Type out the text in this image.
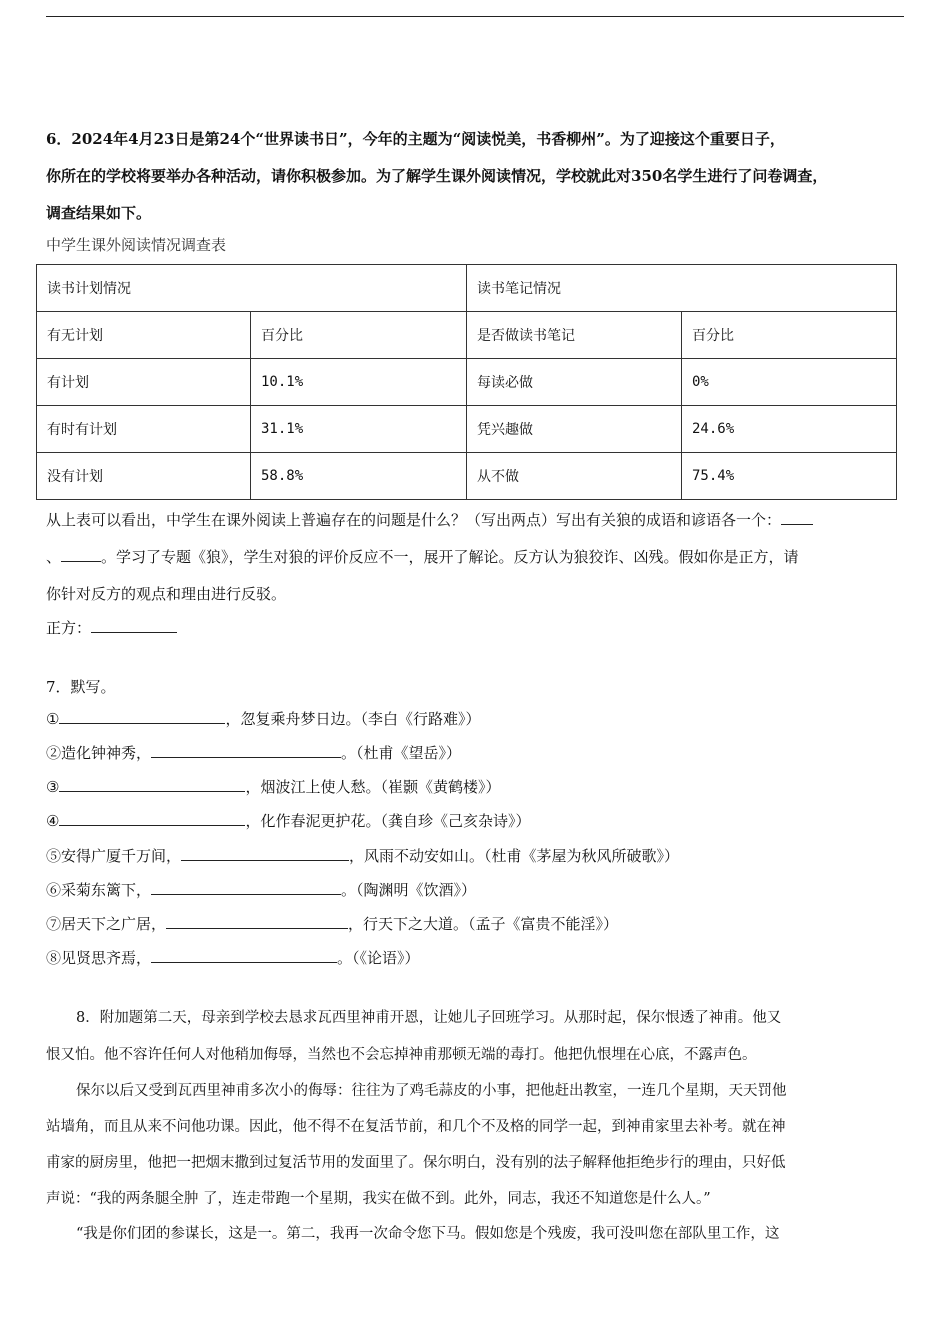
6．2024年4月23日是第24个“世界读书日”，今年的主题为“阅读悦美，书香柳州”。为了迎接这个重要日子，
你所在的学校将要举办各种活动，请你积极参加。为了解学生课外阅读情况，学校就此对350名学生进行了问卷调查，
调查结果如下。
中学生课外阅读情况调查表
读书计划情况		读书笔记情况	
有无计划	百分比	是否做读书笔记	百分比
有计划	10.1%	每读必做	0%
有时有计划	31.1%	凭兴趣做	24.6%
没有计划	58.8%	从不做	75.4%
从上表可以看出，中学生在课外阅读上普遍存在的问题是什么？（写出两点）写出有关狼的成语和谚语各一个：
、	。学习了专题《狼》，学生对狼的评价反应不一，展开了解论。反方认为狼狡诈、凶残。假如你是正方，请
你针对反方的观点和理由进行反驳。
正方：
7．默写。
①	，忽复乘舟梦日边。（李白《行路难》）
②造化钟神秀，	。（杜甫《望岳》）
③	，烟波江上使人愁。（崔颢《黄鹤楼》）
④	，化作春泥更护花。（龚自珍《己亥杂诗》）
⑤安得广厦千万间，	，风雨不动安如山。（杜甫《茅屋为秋风所破歌》）
⑥采菊东篱下，	。（陶渊明《饮酒》）
⑦居天下之广居，	，行天下之大道。（孟子《富贵不能淫》）
⑧见贤思齐焉，	。（《论语》）
8．附加题第二天，母亲到学校去恳求瓦西里神甫开恩，让她儿子回班学习。从那时起，保尔恨透了神甫。他又
恨又怕。他不容许任何人对他稍加侮辱，当然也不会忘掉神甫那顿无端的毒打。他把仇恨埋在心底，不露声色。
保尔以后又受到瓦西里神甫多次小的侮辱：往往为了鸡毛蒜皮的小事，把他赶出教室，一连几个星期，天天罚他
站墙角，而且从来不问他功课。因此，他不得不在复活节前，和几个不及格的同学一起，到神甫家里去补考。就在神
甫家的厨房里，他把一把烟末撒到过复活节用的发面里了。保尔明白，没有别的法子解释他拒绝步行的理由，只好低
声说：“我的两条腿全肿 了，连走带跑一个星期，我实在做不到。此外，同志，我还不知道您是什么人。”
“我是你们团的参谋长，这是一。第二，我再一次命令您下马。假如您是个残废，我可没叫您在部队里工作，这
